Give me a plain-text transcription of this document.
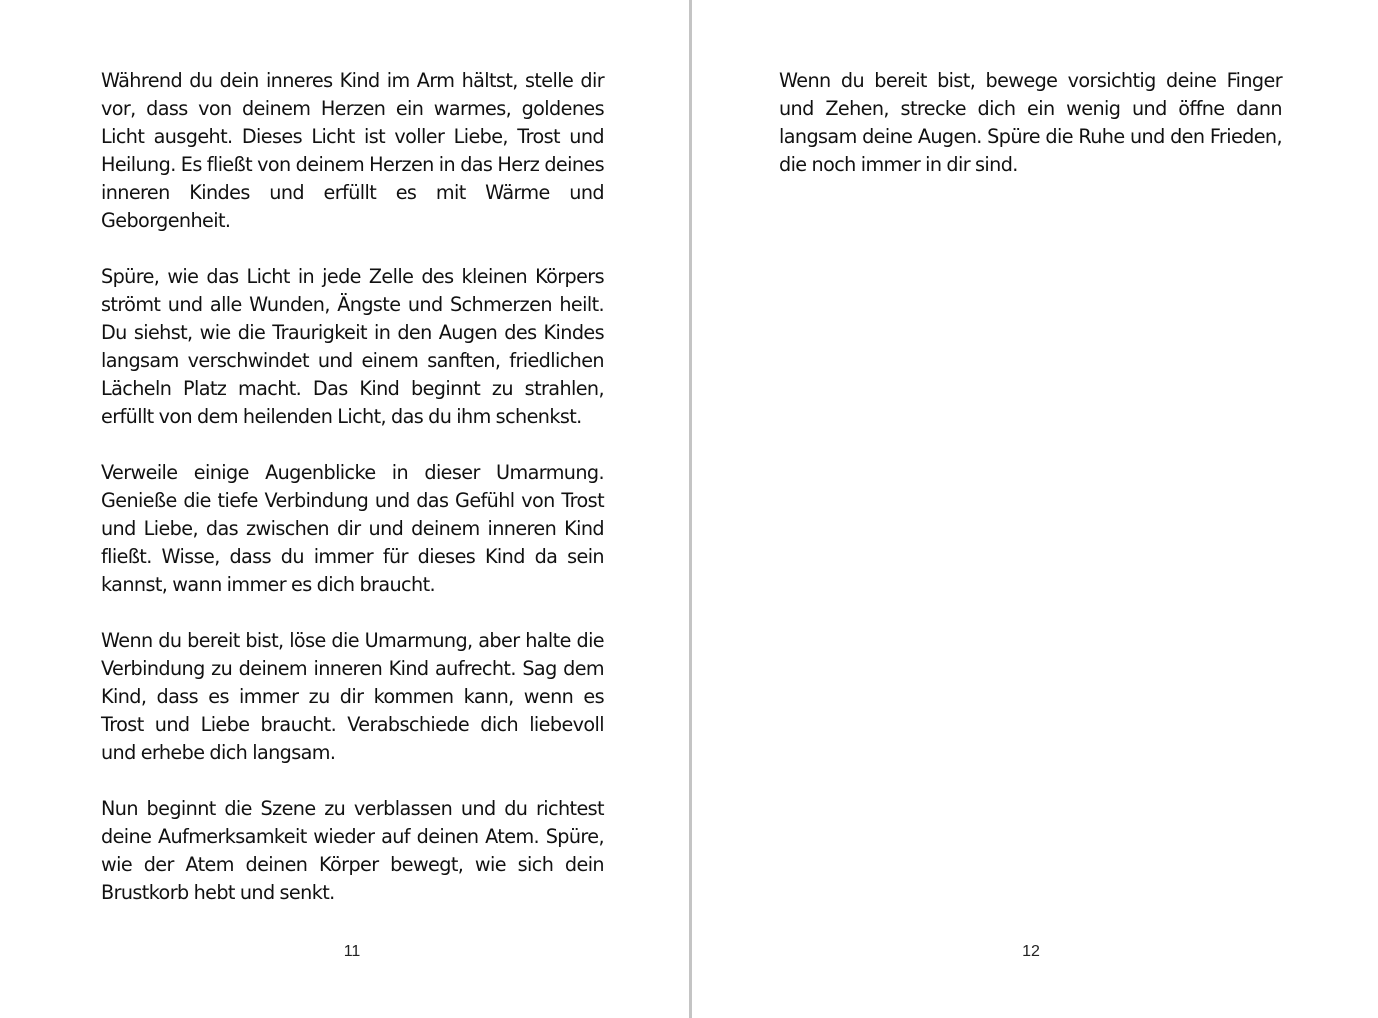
Während du dein inneres Kind im Arm hältst, stelle dir vor, dass von deinem Herzen ein warmes, goldenes Licht ausgeht. Dieses Licht ist voller Liebe, Trost und Heilung. Es fließt von deinem Herzen in das Herz deines inneren Kindes und erfüllt es mit Wärme und Geborgenheit.

Spüre, wie das Licht in jede Zelle des kleinen Körpers strömt und alle Wunden, Ängste und Schmerzen heilt. Du siehst, wie die Traurigkeit in den Augen des Kindes langsam verschwindet und einem sanften, friedlichen Lächeln Platz macht. Das Kind beginnt zu strahlen, erfüllt von dem heilenden Licht, das du ihm schenkst.

Verweile einige Augenblicke in dieser Umarmung. Genieße die tiefe Verbindung und das Gefühl von Trost und Liebe, das zwischen dir und deinem inneren Kind fließt. Wisse, dass du immer für dieses Kind da sein kannst, wann immer es dich braucht.

Wenn du bereit bist, löse die Umarmung, aber halte die Verbindung zu deinem inneren Kind aufrecht. Sag dem Kind, dass es immer zu dir kommen kann, wenn es Trost und Liebe braucht. Verabschiede dich liebevoll und erhebe dich langsam.

Nun beginnt die Szene zu verblassen und du richtest deine Aufmerksamkeit wieder auf deinen Atem. Spüre, wie der Atem deinen Körper bewegt, wie sich dein Brustkorb hebt und senkt.

11

Wenn du bereit bist, bewege vorsichtig deine Finger und Zehen, strecke dich ein wenig und öffne dann langsam deine Augen. Spüre die Ruhe und den Frieden, die noch immer in dir sind.

12
